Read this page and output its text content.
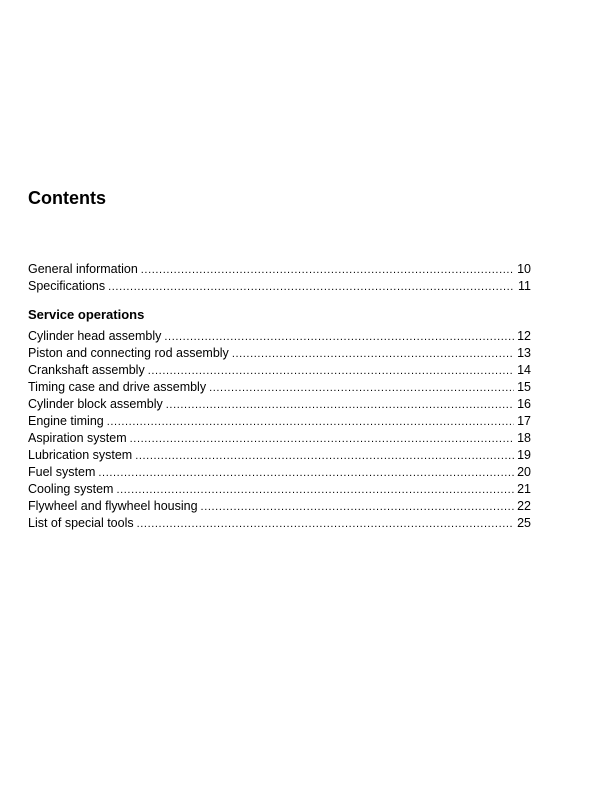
Contents
General information .....	10
Specifications .....	11
Service operations
Cylinder head assembly .....	12
Piston and connecting rod assembly .....	13
Crankshaft assembly .....	14
Timing case and drive assembly .....	15
Cylinder block assembly .....	16
Engine timing .....	17
Aspiration system .....	18
Lubrication system .....	19
Fuel system .....	20
Cooling system .....	21
Flywheel and flywheel housing .....	22
List of special tools .....	25
